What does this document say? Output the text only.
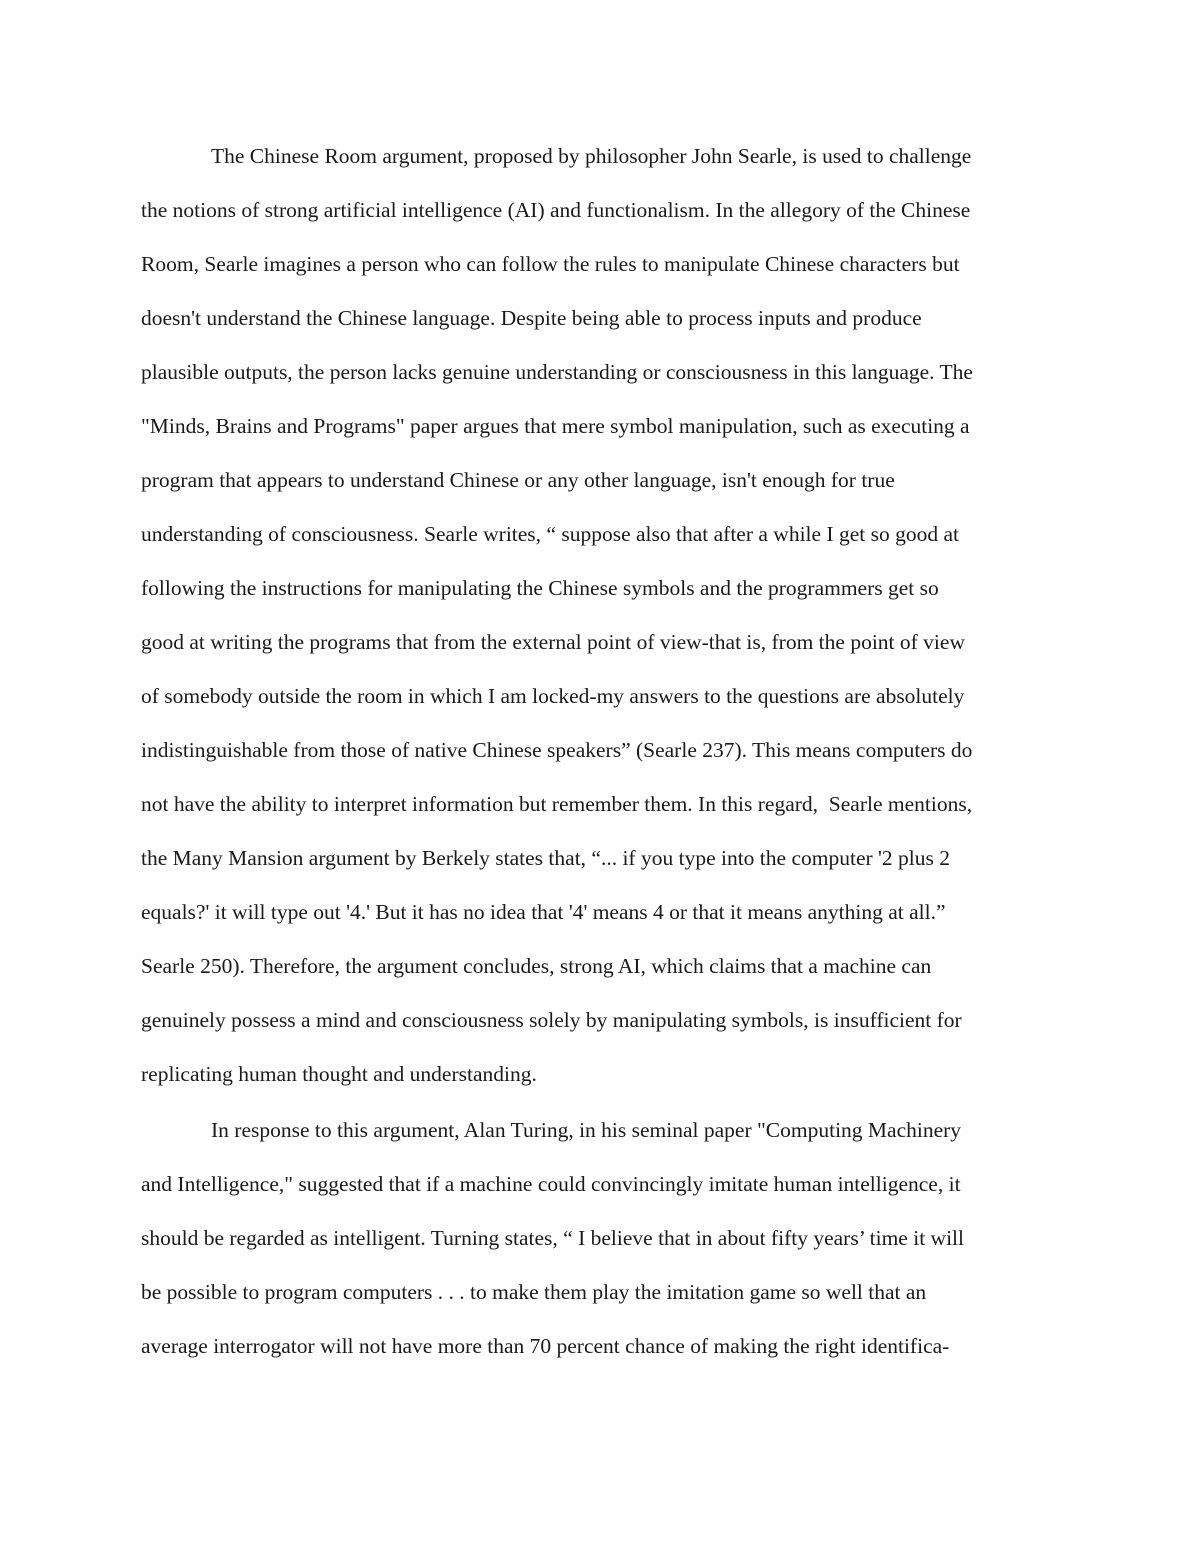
The Chinese Room argument, proposed by philosopher John Searle, is used to challenge
the notions of strong artificial intelligence (AI) and functionalism. In the allegory of the Chinese
Room, Searle imagines a person who can follow the rules to manipulate Chinese characters but
doesn't understand the Chinese language. Despite being able to process inputs and produce
plausible outputs, the person lacks genuine understanding or consciousness in this language. The
"Minds, Brains and Programs" paper argues that mere symbol manipulation, such as executing a
program that appears to understand Chinese or any other language, isn't enough for true
understanding of consciousness. Searle writes, “ suppose also that after a while I get so good at
following the instructions for manipulating the Chinese symbols and the programmers get so
good at writing the programs that from the external point of view-that is, from the point of view
of somebody outside the room in which I am locked-my answers to the questions are absolutely
indistinguishable from those of native Chinese speakers” (Searle 237). This means computers do
not have the ability to interpret information but remember them. In this regard,  Searle mentions,
the Many Mansion argument by Berkely states that, “... if you type into the computer '2 plus 2
equals?' it will type out '4.' But it has no idea that '4' means 4 or that it means anything at all.”
Searle 250). Therefore, the argument concludes, strong AI, which claims that a machine can
genuinely possess a mind and consciousness solely by manipulating symbols, is insufficient for
replicating human thought and understanding.
In response to this argument, Alan Turing, in his seminal paper "Computing Machinery
and Intelligence," suggested that if a machine could convincingly imitate human intelligence, it
should be regarded as intelligent. Turning states, “ I believe that in about fifty years’ time it will
be possible to program computers . . . to make them play the imitation game so well that an
average interrogator will not have more than 70 percent chance of making the right identifica-
